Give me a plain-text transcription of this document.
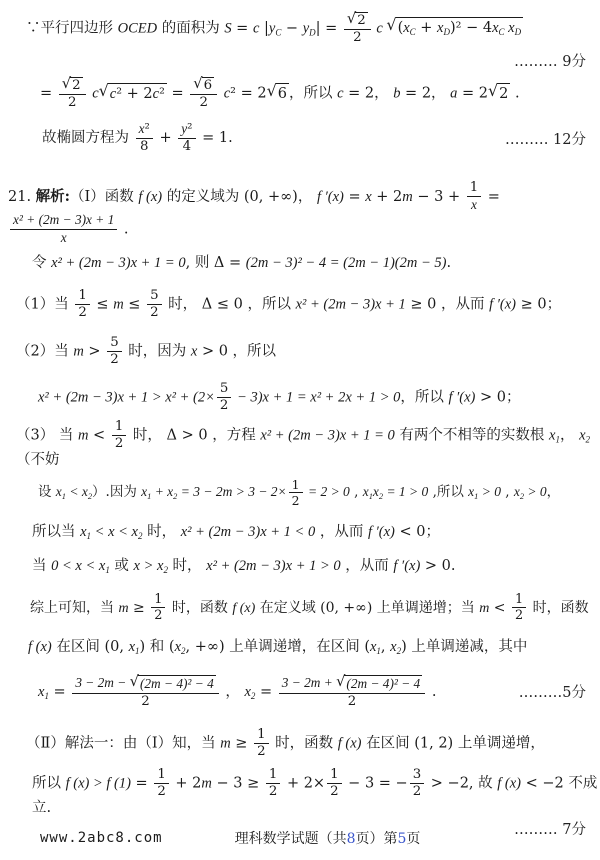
∵平行四边形 OCED 的面积为 S = c $|y_C - y_D| = \frac{√ 2}{2}$ c √ $(x_C + x_D)^2 - 4x_C$ $x_D$
……… 9分
= $\frac{√ 2}{2}$ c √ $c^2 + 2c^2 = \frac{√ 6}{2} c^2 = 2$ √ 6 ，所以 c = 2， b = 2， a = 2 √ 2 .
故椭圆方程为 $\frac{\text{x²}}{8} + \frac{\text{y²}}{4} = 1$.	……… 12分
21. 解析:（Ⅰ）函数 f (x) 的定义域为 (0, +∞)， f $'(x) = x + 2m - 3 + \frac{1}{x}$ =
$\frac{\text{x² + (2m − 3)x + 1}}{x}$ .
令 x² + (2m − 3)x + 1 = 0, 则 Δ = (2m − 3)² − 4 = (2m − 1)(2m − 5).
（1）当 $\frac{1}{2} \le m \le \frac{5}{2}$ 时， Δ ≤ 0 ，所以 x² + (2m − 3)x + 1 ≥ 0 ，从而 f ′(x) ≥ 0；
（2）当 $m > \frac{5}{2}$ 时，因为 x > 0 ，所以
$x^2 + (2m - 3)x + 1 > x^2 + (2\times \frac{5}{2} - 3)x + 1 = x^2 + 2x + 1 > 0$，所以 f ′(x) > 0；
（3） 当 $m < \frac{1}{2}$ 时， Δ > 0 ，方程 x² + (2m − 3)x + 1 = 0 有两个不相等的实数根 $x_1$， $x_2$（不妨
设 $x_1 < x_2$）.因为 $x_1 + x_2 = 3 - 2m > 3 - 2\times \frac{1}{2} = 2 > 0$ , $x_1x_2 = 1 > 0$ ,所以 $x_1 > 0$ , $x_2 > 0$，
所以当 $x_1 < x < x_2$ 时， x² + (2m − 3)x + 1 < 0 ，从而 f ′(x) < 0；
当 $0 < x < x_1$ 或 $x > x_2$ 时， x² + (2m − 3)x + 1 > 0 ，从而 f ′(x) > 0.
综上可知，当 $m \ge \frac{1}{2}$ 时，函数 f (x) 在定义域 (0, +∞) 上单调递增；当 $m < \frac{1}{2}$ 时，函数
f (x) 在区间 (0, $x_1$) 和 ($x_2$, +∞) 上单调递增，在区间 ($x_1$, $x_2$) 上单调递减，其中
$x_1 = \frac{\text{3 − 2m − √ (2m − 4)² − 4}}{2}$ ， $x_2 = \frac{\text{3 − 2m + √ (2m − 4)² − 4}}{2}$ .	………5分
（Ⅱ）解法一：由（Ⅰ）知，当 $m \ge \frac{1}{2}$ 时，函数 f (x) 在区间 (1, 2) 上单调递增，
所以 f (x) > f $(1) = \frac{1}{2} + 2m - 3 \ge \frac{1}{2} + 2\times \frac{1}{2} - 3$ = − $\frac{3}{2} > -2$, 故 f (x) < −2 不成立.
……… 7分
www.2abc8.com	理科数学试题（共8页）第5页
